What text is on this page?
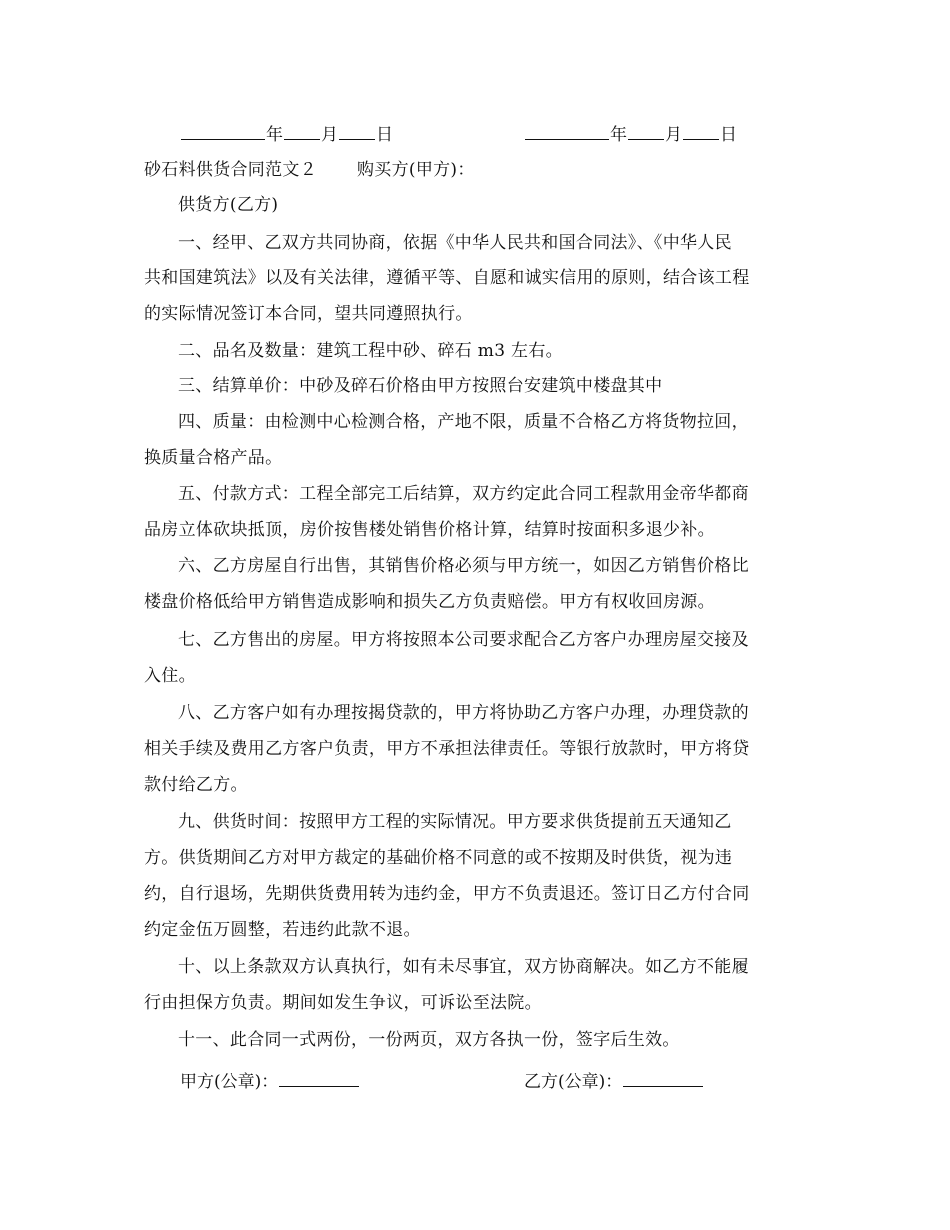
年 月 日	年 月 日
砂石料供货合同范文２ 购买方(甲方)：
供货方(乙方)
一、经甲、乙双方共同协商，依据《中华人民共和国合同法》、《中华人民
共和国建筑法》以及有关法律，遵循平等、自愿和诚实信用的原则，结合该工程
的实际情况签订本合同，望共同遵照执行。
二、品名及数量：建筑工程中砂、碎石 m3 左右。
三、结算单价：中砂及碎石价格由甲方按照台安建筑中楼盘其中
四、质量：由检测中心检测合格，产地不限，质量不合格乙方将货物拉回，
换质量合格产品。
五、付款方式：工程全部完工后结算，双方约定此合同工程款用金帝华都商
品房立体砍块抵顶，房价按售楼处销售价格计算，结算时按面积多退少补。
六、乙方房屋自行出售，其销售价格必须与甲方统一，如因乙方销售价格比
楼盘价格低给甲方销售造成影响和损失乙方负责赔偿。甲方有权收回房源。
七、乙方售出的房屋。甲方将按照本公司要求配合乙方客户办理房屋交接及
入住。
八、乙方客户如有办理按揭贷款的，甲方将协助乙方客户办理，办理贷款的
相关手续及费用乙方客户负责，甲方不承担法律责任。等银行放款时，甲方将贷
款付给乙方。
九、供货时间：按照甲方工程的实际情况。甲方要求供货提前五天通知乙
方。供货期间乙方对甲方裁定的基础价格不同意的或不按期及时供货，视为违
约，自行退场，先期供货费用转为违约金，甲方不负责退还。签订日乙方付合同
约定金伍万圆整，若违约此款不退。
十、以上条款双方认真执行，如有未尽事宜，双方协商解决。如乙方不能履
行由担保方负责。期间如发生争议，可诉讼至法院。
十一、此合同一式两份，一份两页，双方各执一份，签字后生效。
甲方(公章)：	乙方(公章)：
